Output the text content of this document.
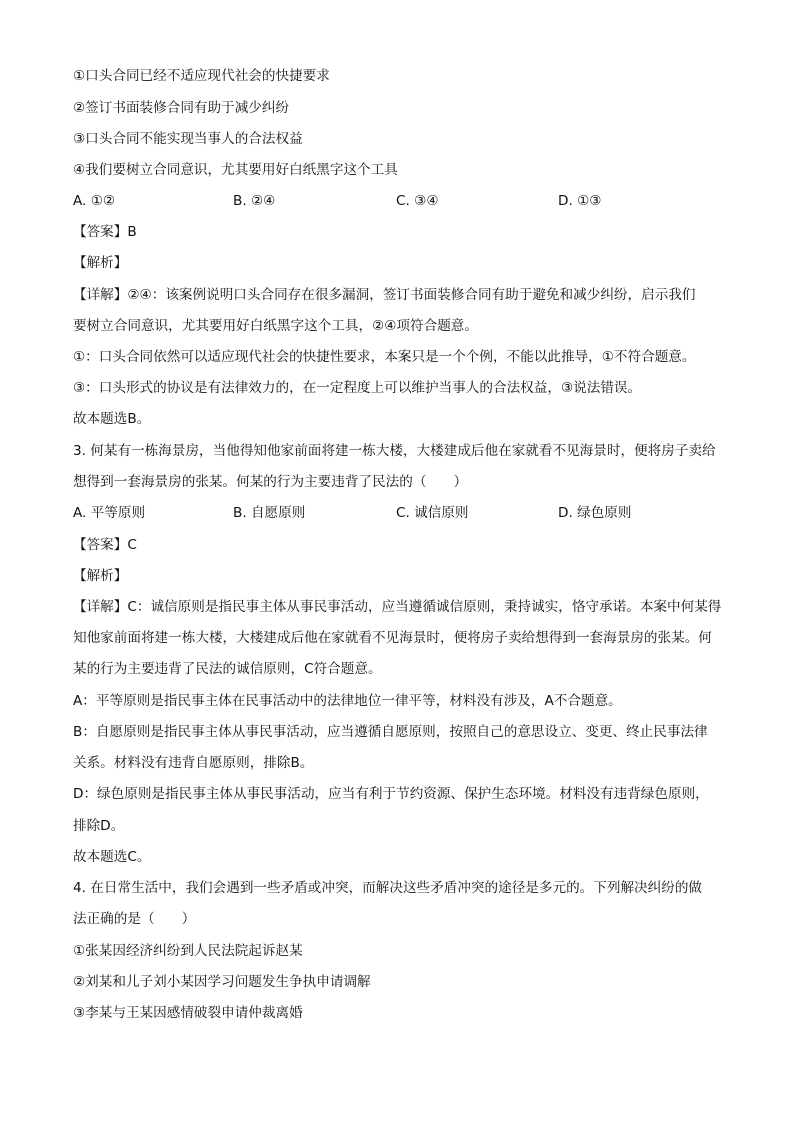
①口头合同已经不适应现代社会的快捷要求
②签订书面装修合同有助于减少纠纷
③口头合同不能实现当事人的合法权益
④我们要树立合同意识，尤其要用好白纸黑字这个工具
A. ①②	B. ②④	C. ③④	D. ①③
【答案】B
【解析】
【详解】②④：该案例说明口头合同存在很多漏洞，签订书面装修合同有助于避免和减少纠纷，启示我们
要树立合同意识，尤其要用好白纸黑字这个工具，②④项符合题意。
①：口头合同依然可以适应现代社会的快捷性要求，本案只是一个个例，不能以此推导，①不符合题意。
③：口头形式的协议是有法律效力的，在一定程度上可以维护当事人的合法权益，③说法错误。
故本题选B。
3. 何某有一栋海景房，当他得知他家前面将建一栋大楼，大楼建成后他在家就看不见海景时，便将房子卖给
想得到一套海景房的张某。何某的行为主要违背了民法的（　　）
A. 平等原则	B. 自愿原则	C. 诚信原则	D. 绿色原则
【答案】C
【解析】
【详解】C：诚信原则是指民事主体从事民事活动，应当遵循诚信原则，秉持诚实，恪守承诺。本案中何某得
知他家前面将建一栋大楼，大楼建成后他在家就看不见海景时，便将房子卖给想得到一套海景房的张某。何
某的行为主要违背了民法的诚信原则，C符合题意。
A：平等原则是指民事主体在民事活动中的法律地位一律平等，材料没有涉及，A不合题意。
B：自愿原则是指民事主体从事民事活动，应当遵循自愿原则，按照自己的意思设立、变更、终止民事法律
关系。材料没有违背自愿原则，排除B。
D：绿色原则是指民事主体从事民事活动，应当有利于节约资源、保护生态环境。材料没有违背绿色原则，
排除D。
故本题选C。
4. 在日常生活中，我们会遇到一些矛盾或冲突，而解决这些矛盾冲突的途径是多元的。下列解决纠纷的做
法正确的是（　　）
①张某因经济纠纷到人民法院起诉赵某
②刘某和儿子刘小某因学习问题发生争执申请调解
③李某与王某因感情破裂申请仲裁离婚
